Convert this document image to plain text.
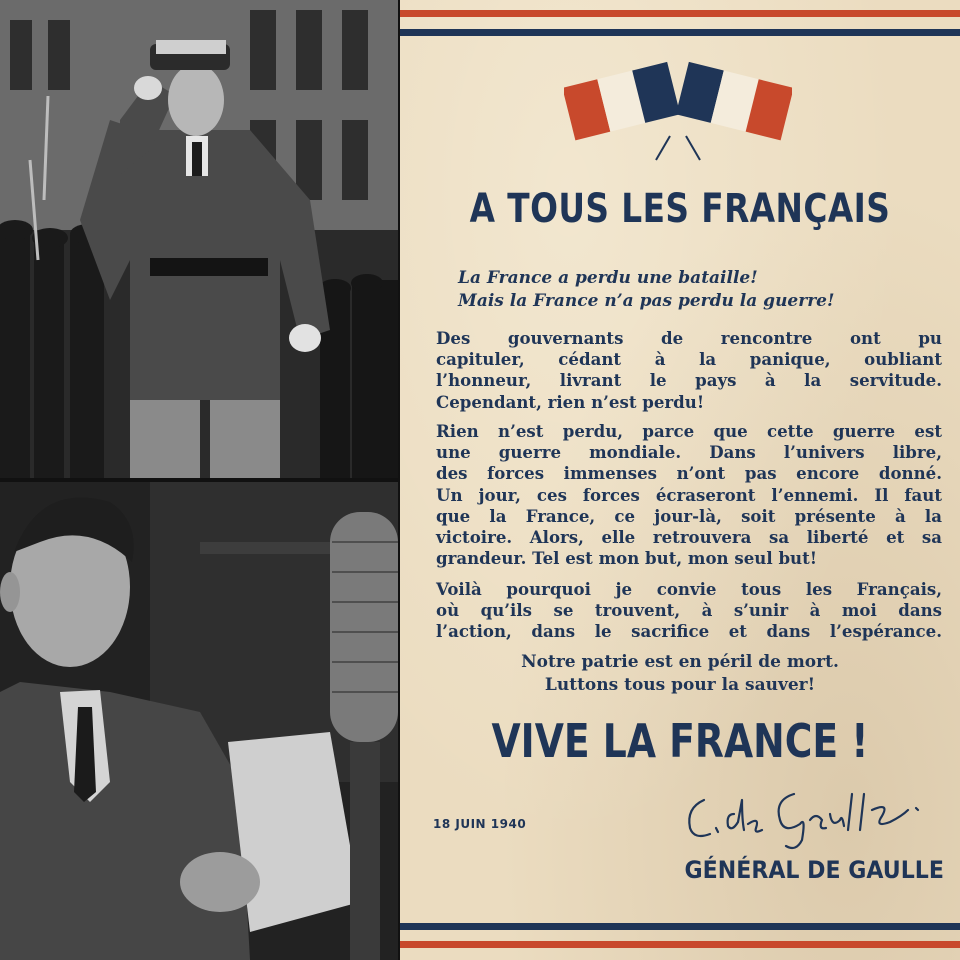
A TOUS LES FRANÇAIS
La France a perdu une bataille!
Mais la France n’a pas perdu la guerre!
Des gouvernants de rencontre ont pu
capituler, cédant à la panique, oubliant
l’honneur, livrant le pays à la servitude.
Cependant, rien n’est perdu!
Rien n’est perdu, parce que cette guerre est
une guerre mondiale. Dans l’univers libre,
des forces immenses n’ont pas encore donné.
Un jour, ces forces écraseront l’ennemi. Il faut
que la France, ce jour-là, soit présente à la
victoire. Alors, elle retrouvera sa liberté et sa
grandeur. Tel est mon but, mon seul but!
Voilà pourquoi je convie tous les Français,
où qu’ils se trouvent, à s’unir à moi dans
l’action, dans le sacrifice et dans l’espérance.
Notre patrie est en péril de mort.
Luttons tous pour la sauver!
VIVE LA FRANCE !
18 JUIN 1940
GÉNÉRAL DE GAULLE
